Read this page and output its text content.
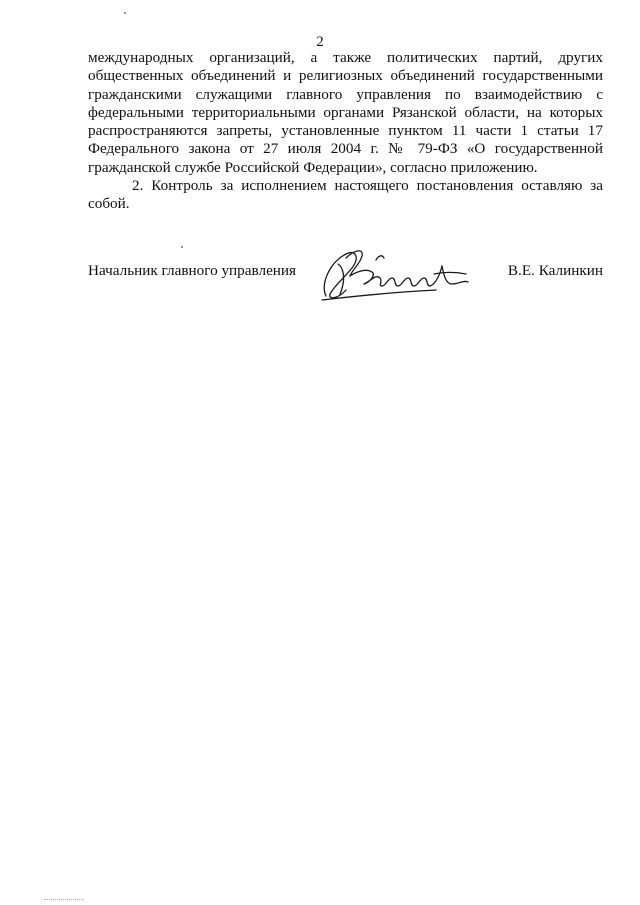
2
международных организаций, а также политических партий, других
общественных объединений и религиозных объединений государственными
гражданскими служащими главного управления по взаимодействию с
федеральными территориальными органами Рязанской области, на которых
распространяются запреты, установленные пунктом 11 части 1 статьи 17
Федерального закона от 27 июля 2004 г. № 79-ФЗ «О государственной
гражданской службе Российской Федерации», согласно приложению.
2. Контроль за исполнением настоящего постановления оставляю за
собой.
Начальник главного управления	В.Е. Калинкин
